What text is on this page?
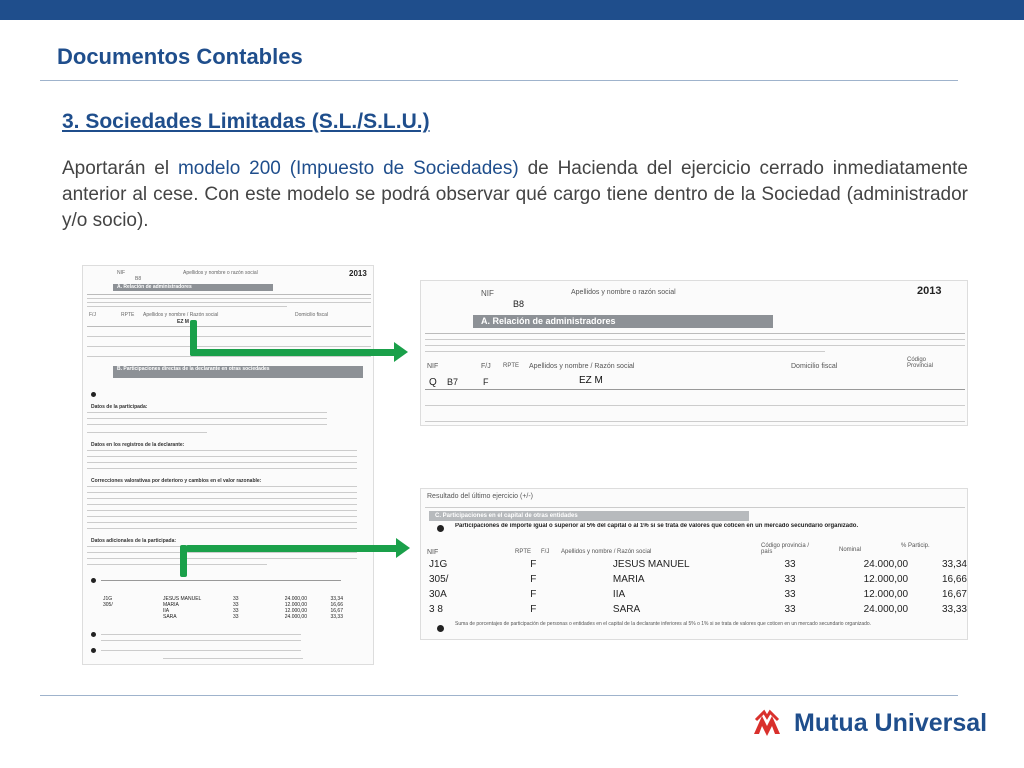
Documentos Contables
3. Sociedades Limitadas (S.L./S.L.U.)
Aportarán el modelo 200 (Impuesto de Sociedades) de Hacienda del ejercicio cerrado inmediatamente anterior al cese. Con este modelo se podrá observar qué cargo tiene dentro de la Sociedad (administrador y/o socio).
NIF
B8
Apellidos y nombre o razón social	2013
A. Relación de administradores
F/J	RPTE Apellidos y nombre / Razón social	Domicilio fiscal
EZ M
B. Participaciones directas de la declarante en otras sociedades
Datos de la participada:
Datos en los registros de la declarante:
Correcciones valorativas por deterioro y cambios en el valor razonable:
Datos adicionales de la participada:
J1G	JESUS MANUEL	33	24.000,00	33,34
305/	MARIA	33	12.000,00	16,66
	IIA	33	12.000,00	16,67
	SARA	33	24.000,00	33,33
NIF
B8
Apellidos y nombre o razón social	2013
A. Relación de administradores
NIF	F/J RPTE Apellidos y nombre / Razón social	Domicilio fiscal
Código Provincial
Q B7	F	EZ M
Resultado del último ejercicio (+/-)
C. Participaciones en el capital de otras entidades
Participaciones de importe igual o superior al 5% del capital o al 1% si se trata de valores que coticen en un mercado secundario organizado.
NIF	RPTE F/J Apellidos y nombre / Razón social
Código provincia / país	Nominal
% Particip.
J1G	F	JESUS MANUEL	33	24.000,00	33,34
305/	F	MARIA	33	12.000,00	16,66
30A	F	IIA	33	12.000,00	16,67
3 8	F	SARA	33	24.000,00	33,33
Suma de porcentajes de participación de personas o entidades en el capital de la declarante inferiores al 5% o 1% si se trata de valores que coticen en un mercado secundario organizado.
Mutua Universal
